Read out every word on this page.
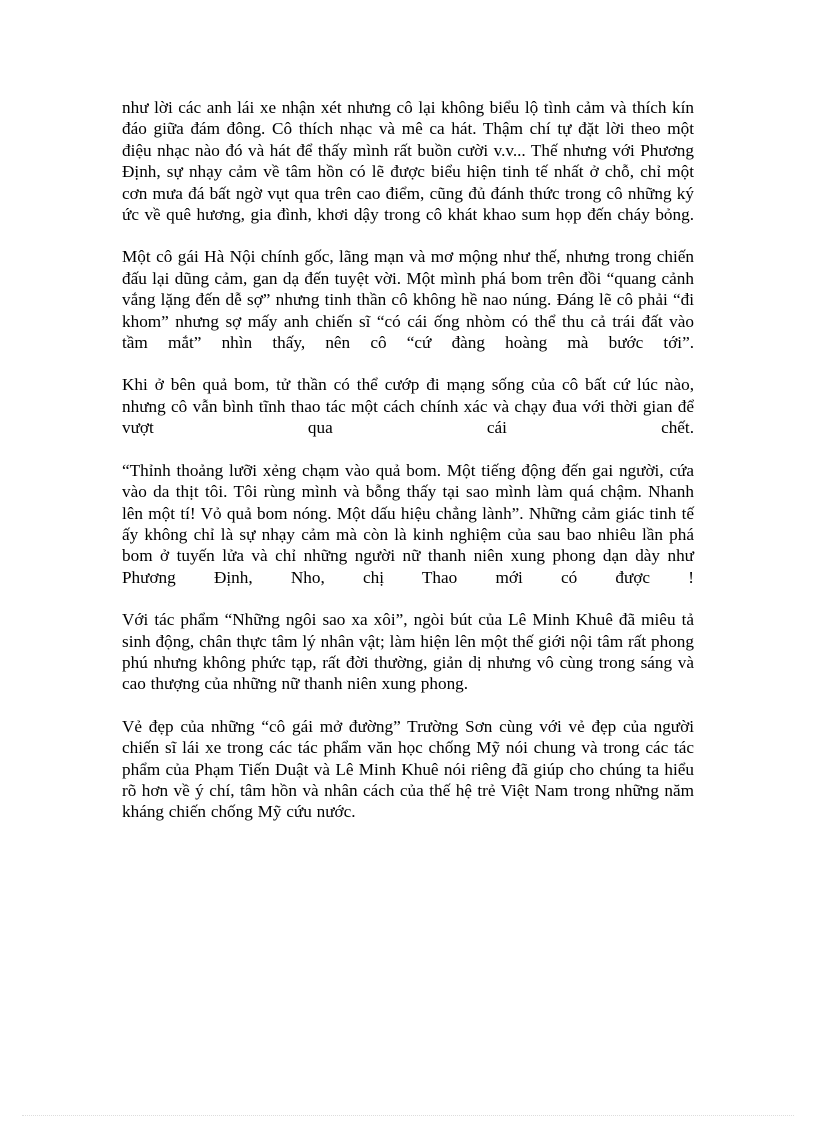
như lời các anh lái xe nhận xét nhưng cô lại không biểu lộ tình cảm và thích kín đáo giữa đám đông. Cô thích nhạc và mê ca hát. Thậm chí tự đặt lời theo một điệu nhạc nào đó và hát để thấy mình rất buồn cười v.v... Thế nhưng với Phương Định, sự nhạy cảm về tâm hồn có lẽ được biểu hiện tinh tế nhất ở chỗ, chỉ một cơn mưa đá bất ngờ vụt qua trên cao điểm, cũng đủ đánh thức trong cô những ký ức về quê hương, gia đình, khơi dậy trong cô khát khao sum họp đến cháy bỏng.

Một cô gái Hà Nội chính gốc, lãng mạn và mơ mộng như thế, nhưng trong chiến đấu lại dũng cảm, gan dạ đến tuyệt vời. Một mình phá bom trên đồi “quang cảnh vắng lặng đến dễ sợ” nhưng tinh thần cô không hề nao núng. Đáng lẽ cô phải “đi khom” nhưng sợ mấy anh chiến sĩ “có cái ống nhòm có thể thu cả trái đất vào tầm mắt” nhìn thấy, nên cô “cứ đàng hoàng mà bước tới”.

Khi ở bên quả bom, tử thần có thể cướp đi mạng sống của cô bất cứ lúc nào, nhưng cô vẫn bình tĩnh thao tác một cách chính xác và chạy đua với thời gian để vượt qua cái chết.

“Thỉnh thoảng lưỡi xẻng chạm vào quả bom. Một tiếng động đến gai người, cứa vào da thịt tôi. Tôi rùng mình và bỗng thấy tại sao mình làm quá chậm. Nhanh lên một tí! Vỏ quả bom nóng. Một dấu hiệu chẳng lành”. Những cảm giác tinh tế ấy không chỉ là sự nhạy cảm mà còn là kinh nghiệm của sau bao nhiêu lần phá bom ở tuyến lửa và chỉ những người nữ thanh niên xung phong dạn dày như Phương Định, Nho, chị Thao mới có được !

Với tác phẩm “Những ngôi sao xa xôi”, ngòi bút của Lê Minh Khuê đã miêu tả sinh động, chân thực tâm lý nhân vật; làm hiện lên một thế giới nội tâm rất phong phú nhưng không phức tạp, rất đời thường, giản dị nhưng vô cùng trong sáng và cao thượng của những nữ thanh niên xung phong.

Vẻ đẹp của những “cô gái mở đường” Trường Sơn cùng với vẻ đẹp của người chiến sĩ lái xe trong các tác phẩm văn học chống Mỹ nói chung và trong các tác phẩm của Phạm Tiến Duật và Lê Minh Khuê nói riêng đã giúp cho chúng ta hiểu rõ hơn về ý chí, tâm hồn và nhân cách của thế hệ trẻ Việt Nam trong những năm kháng chiến chống Mỹ cứu nước.
